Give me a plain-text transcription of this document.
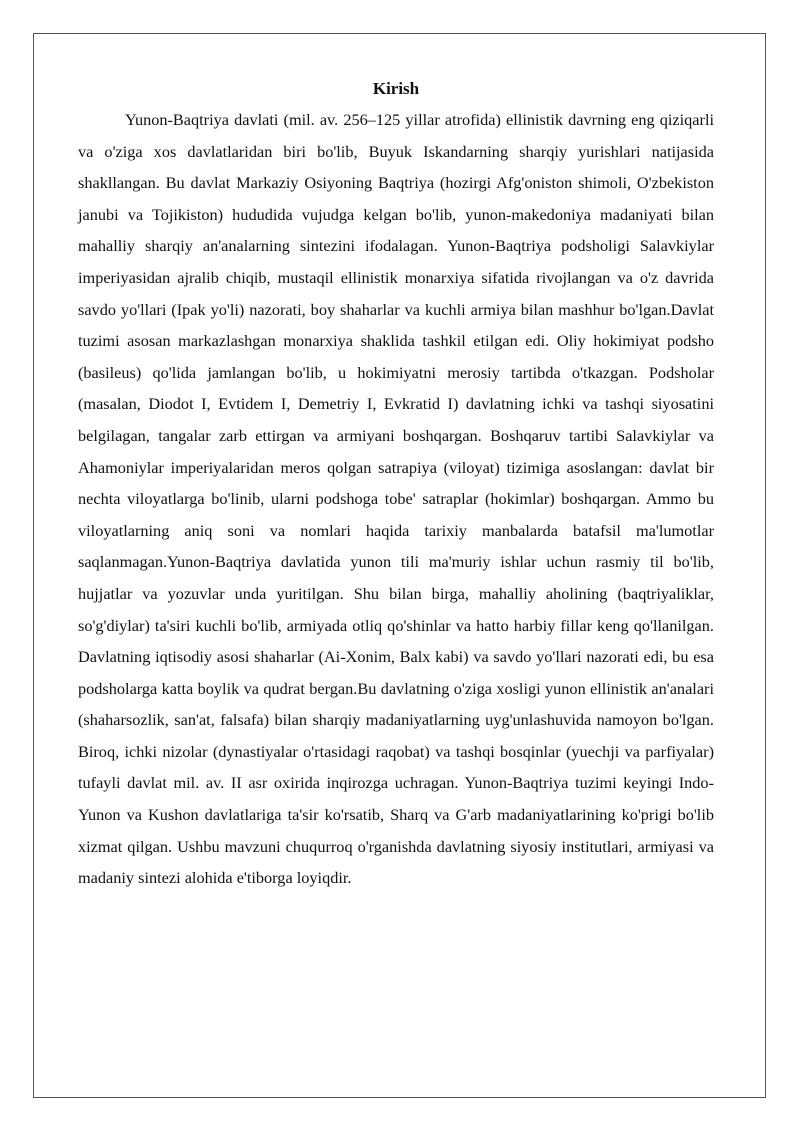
Kirish

Yunon-Baqtriya davlati (mil. av. 256–125 yillar atrofida) ellinistik davrning eng qiziqarli va o'ziga xos davlatlaridan biri bo'lib, Buyuk Iskandarning sharqiy yurishlari natijasida shakllangan. Bu davlat Markaziy Osiyoning Baqtriya (hozirgi Afg'oniston shimoli, O'zbekiston janubi va Tojikiston) hududida vujudga kelgan bo'lib, yunon-makedoniya madaniyati bilan mahalliy sharqiy an'analarning sintezini ifodalagan. Yunon-Baqtriya podsholigi Salavkiylar imperiyasidan ajralib chiqib, mustaqil ellinistik monarxiya sifatida rivojlangan va o'z davrida savdo yo'llari (Ipak yo'li) nazorati, boy shaharlar va kuchli armiya bilan mashhur bo'lgan.Davlat tuzimi asosan markazlashgan monarxiya shaklida tashkil etilgan edi. Oliy hokimiyat podsho (basileus) qo'lida jamlangan bo'lib, u hokimiyatni merosiy tartibda o'tkazgan. Podsholar (masalan, Diodot I, Evtidem I, Demetriy I, Evkratid I) davlatning ichki va tashqi siyosatini belgilagan, tangalar zarb ettirgan va armiyani boshqargan. Boshqaruv tartibi Salavkiylar va Ahamoniylar imperiyalaridan meros qolgan satrapiya (viloyat) tizimiga asoslangan: davlat bir nechta viloyatlarga bo'linib, ularni podshoga tobe' satraplar (hokimlar) boshqargan. Ammo bu viloyatlarning aniq soni va nomlari haqida tarixiy manbalarda batafsil ma'lumotlar saqlanmagan.Yunon-Baqtriya davlatida yunon tili ma'muriy ishlar uchun rasmiy til bo'lib, hujjatlar va yozuvlar unda yuritilgan. Shu bilan birga, mahalliy aholining (baqtriyaliklar, so'g'diylar) ta'siri kuchli bo'lib, armiyada otliq qo'shinlar va hatto harbiy fillar keng qo'llanilgan. Davlatning iqtisodiy asosi shaharlar (Ai-Xonim, Balx kabi) va savdo yo'llari nazorati edi, bu esa podsholarga katta boylik va qudrat bergan.Bu davlatning o'ziga xosligi yunon ellinistik an'analari (shaharsozlik, san'at, falsafa) bilan sharqiy madaniyatlarning uyg'unlashuvida namoyon bo'lgan. Biroq, ichki nizolar (dynastiyalar o'rtasidagi raqobat) va tashqi bosqinlar (yuechji va parfiyalar) tufayli davlat mil. av. II asr oxirida inqirozga uchragan. Yunon-Baqtriya tuzimi keyingi Indo-Yunon va Kushon davlatlariga ta'sir ko'rsatib, Sharq va G'arb madaniyatlarining ko'prigi bo'lib xizmat qilgan. Ushbu mavzuni chuqurroq o'rganishda davlatning siyosiy institutlari, armiyasi va madaniy sintezi alohida e'tiborga loyiqdir.
